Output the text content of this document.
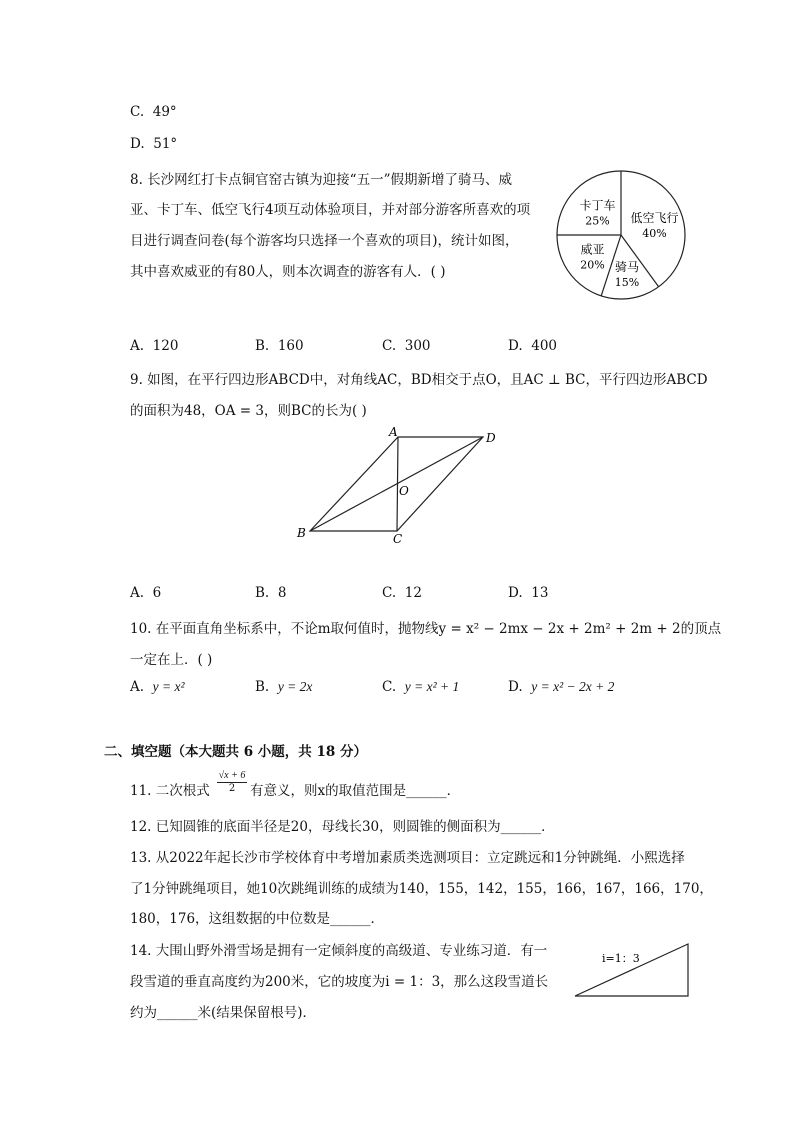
C. 49°
D. 51°
8. 长沙网红打卡点铜官窑古镇为迎接“五一”假期新增了骑马、威
亚、卡丁车、低空飞行4项互动体验项目，并对部分游客所喜欢的项
目进行调查问卷(每个游客均只选择一个喜欢的项目)，统计如图，
其中喜欢威亚的有80人，则本次调查的游客有人．( )
低空飞行
40%
骑马
15%
威亚
20%
卡丁车
25%
A. 120	B. 160	C. 300	D. 400
9. 如图，在平行四边形ABCD中，对角线AC，BD相交于点O，且AC ⊥ BC，平行四边形ABCD
的面积为48，OA = 3，则BC的长为( )
A	D
O
B	C
A. 6	B. 8	C. 12	D. 13
10. 在平面直角坐标系中，不论m取何值时，抛物线y = x² − 2mx − 2x + 2m² + 2m + 2的顶点
一定在上．( )
A. y = x²	B. y = 2x	C. y = x² + 1	D. y = x² − 2x + 2
二、填空题（本大题共 6 小题，共 18 分）
11. 二次根式 $\frac{√x + 6}{2}$ 有意义，则x的取值范围是______．
12. 已知圆锥的底面半径是20，母线长30，则圆锥的侧面积为______．
13. 从2022年起长沙市学校体育中考增加素质类选测项目：立定跳远和1分钟跳绳．小熙选择
了1分钟跳绳项目，她10次跳绳训练的成绩为140，155，142，155，166，167，166，170，
180，176，这组数据的中位数是______．
14. 大围山野外滑雪场是拥有一定倾斜度的高级道、专业练习道．有一
段雪道的垂直高度约为200米，它的坡度为i = 1：3，那么这段雪道长
约为______米(结果保留根号)．
i=1：3
